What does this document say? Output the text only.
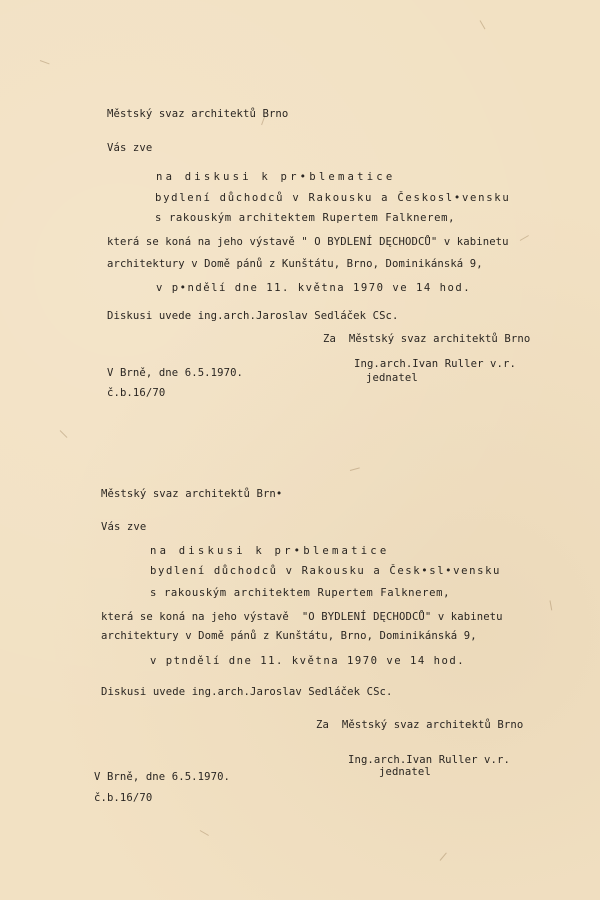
Městský svaz architektů Brno
Vás zve
na diskusi k pr•blematice
bydlení důchodců v Rakousku a Českosl•vensku
s rakouským architektem Rupertem Falknerem,
která se koná na jeho výstavě " O BYDLENÍ DĘCHODCŮ" v kabinetu
architektury v Domě pánů z Kunštátu, Brno, Dominikánská 9,
v p•ndělí dne 11. května 1970 ve 14 hod.
Diskusi uvede ing.arch.Jaroslav Sedláček CSc.
Za  Městský svaz architektů Brno
Ing.arch.Ivan Ruller v.r.
V Brně, dne 6.5.1970.	jednatel
č.b.16/70
Městský svaz architektů Brn•
Vás zve
na diskusi k pr•blematice
bydlení důchodců v Rakousku a Česk•sl•vensku
s rakouským architektem Rupertem Falknerem,
která se koná na jeho výstavě  "O BYDLENÍ DĘCHODCŮ" v kabinetu
architektury v Domě pánů z Kunštátu, Brno, Dominikánská 9,
v ptndělí dne 11. května 1970 ve 14 hod.
Diskusi uvede ing.arch.Jaroslav Sedláček CSc.
Za  Městský svaz architektů Brno
Ing.arch.Ivan Ruller v.r.
jednatel
V Brně, dne 6.5.1970.
č.b.16/70
